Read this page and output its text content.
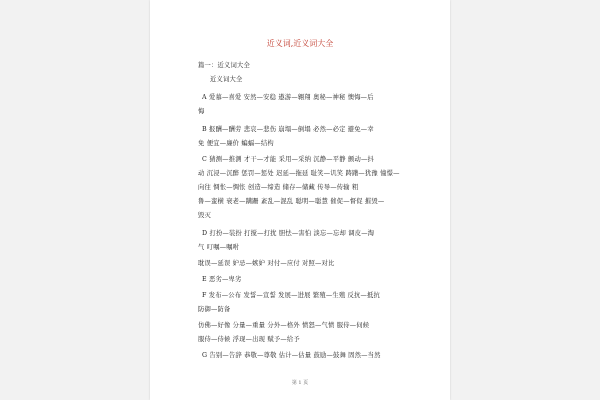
近义词,近义词大全
篇一：近义词大全
近义词大全
A 爱慕—喜爱 安然—安稳 遨游—翱翔 奥秘—神秘 懊悔—后
悔
B 报酬—酬劳 悲哀—悲伤 崩塌—倒塌 必然—必定 避免—幸
免 便宜—廉价 蝙蝠—结构
C 猜测—推测 才干—才能 采用—采纳 沉静—平静 颤动—抖
动 沉浸—沉醉 惩罚—惩处 迟延—拖延 耻笑—讥笑 踌躇—犹豫 憧憬—
向往 惆怅—惆怅 创造—缔造 储存—储藏 传导—传输 粗
鲁—蛮横 衰老—蹒跚 紊乱—混乱 聪明—聪慧 催促—督促 摧毁—
毁灭
D 打扮—装扮 打搅—打扰 胆怯—害怕 淡忘—忘却 调皮—淘
气 叮嘱—嘱咐
耽误—延误 妒忌—嫉妒 对付—应付 对照—对比
E 恶劣—卑劣
F 发布—公布 发誓—宣誓 发展—进展 繁殖—生殖 反抗—抵抗
防御—防备
仿佛—好像 分量—重量 分外—格外 愤怒—气愤 服侍—伺候
服侍—侍候 浮现—出现 赋予—给予
G 告别—告辞 恭敬—尊敬 估计—估量 鼓励—鼓舞 固然—当然
第 1 页
